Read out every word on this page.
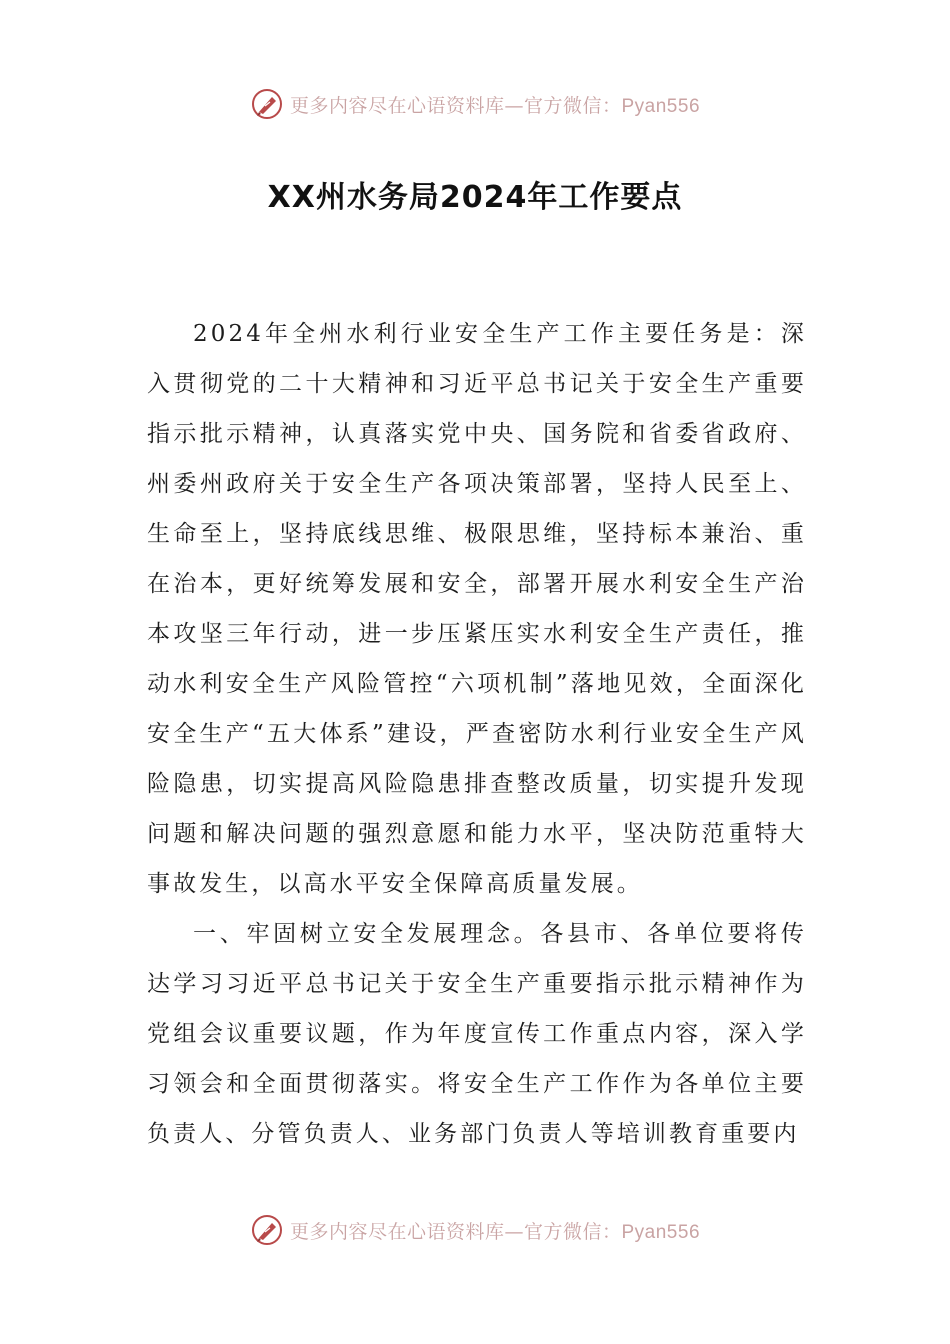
更多内容尽在心语资料库—官方微信：Pyan556
XX州水务局2024年工作要点

2024年全州水利行业安全生产工作主要任务是：深入贯彻党的二十大精神和习近平总书记关于安全生产重要指示批示精神，认真落实党中央、国务院和省委省政府、州委州政府关于安全生产各项决策部署，坚持人民至上、生命至上，坚持底线思维、极限思维，坚持标本兼治、重在治本，更好统筹发展和安全，部署开展水利安全生产治本攻坚三年行动，进一步压紧压实水利安全生产责任，推动水利安全生产风险管控“六项机制”落地见效，全面深化安全生产“五大体系”建设，严查密防水利行业安全生产风险隐患，切实提高风险隐患排查整改质量，切实提升发现问题和解决问题的强烈意愿和能力水平，坚决防范重特大事故发生，以高水平安全保障高质量发展。

一、牢固树立安全发展理念。各县市、各单位要将传达学习习近平总书记关于安全生产重要指示批示精神作为党组会议重要议题，作为年度宣传工作重点内容，深入学习领会和全面贯彻落实。将安全生产工作作为各单位主要负责人、分管负责人、业务部门负责人等培训教育重要内

更多内容尽在心语资料库—官方微信：Pyan556
